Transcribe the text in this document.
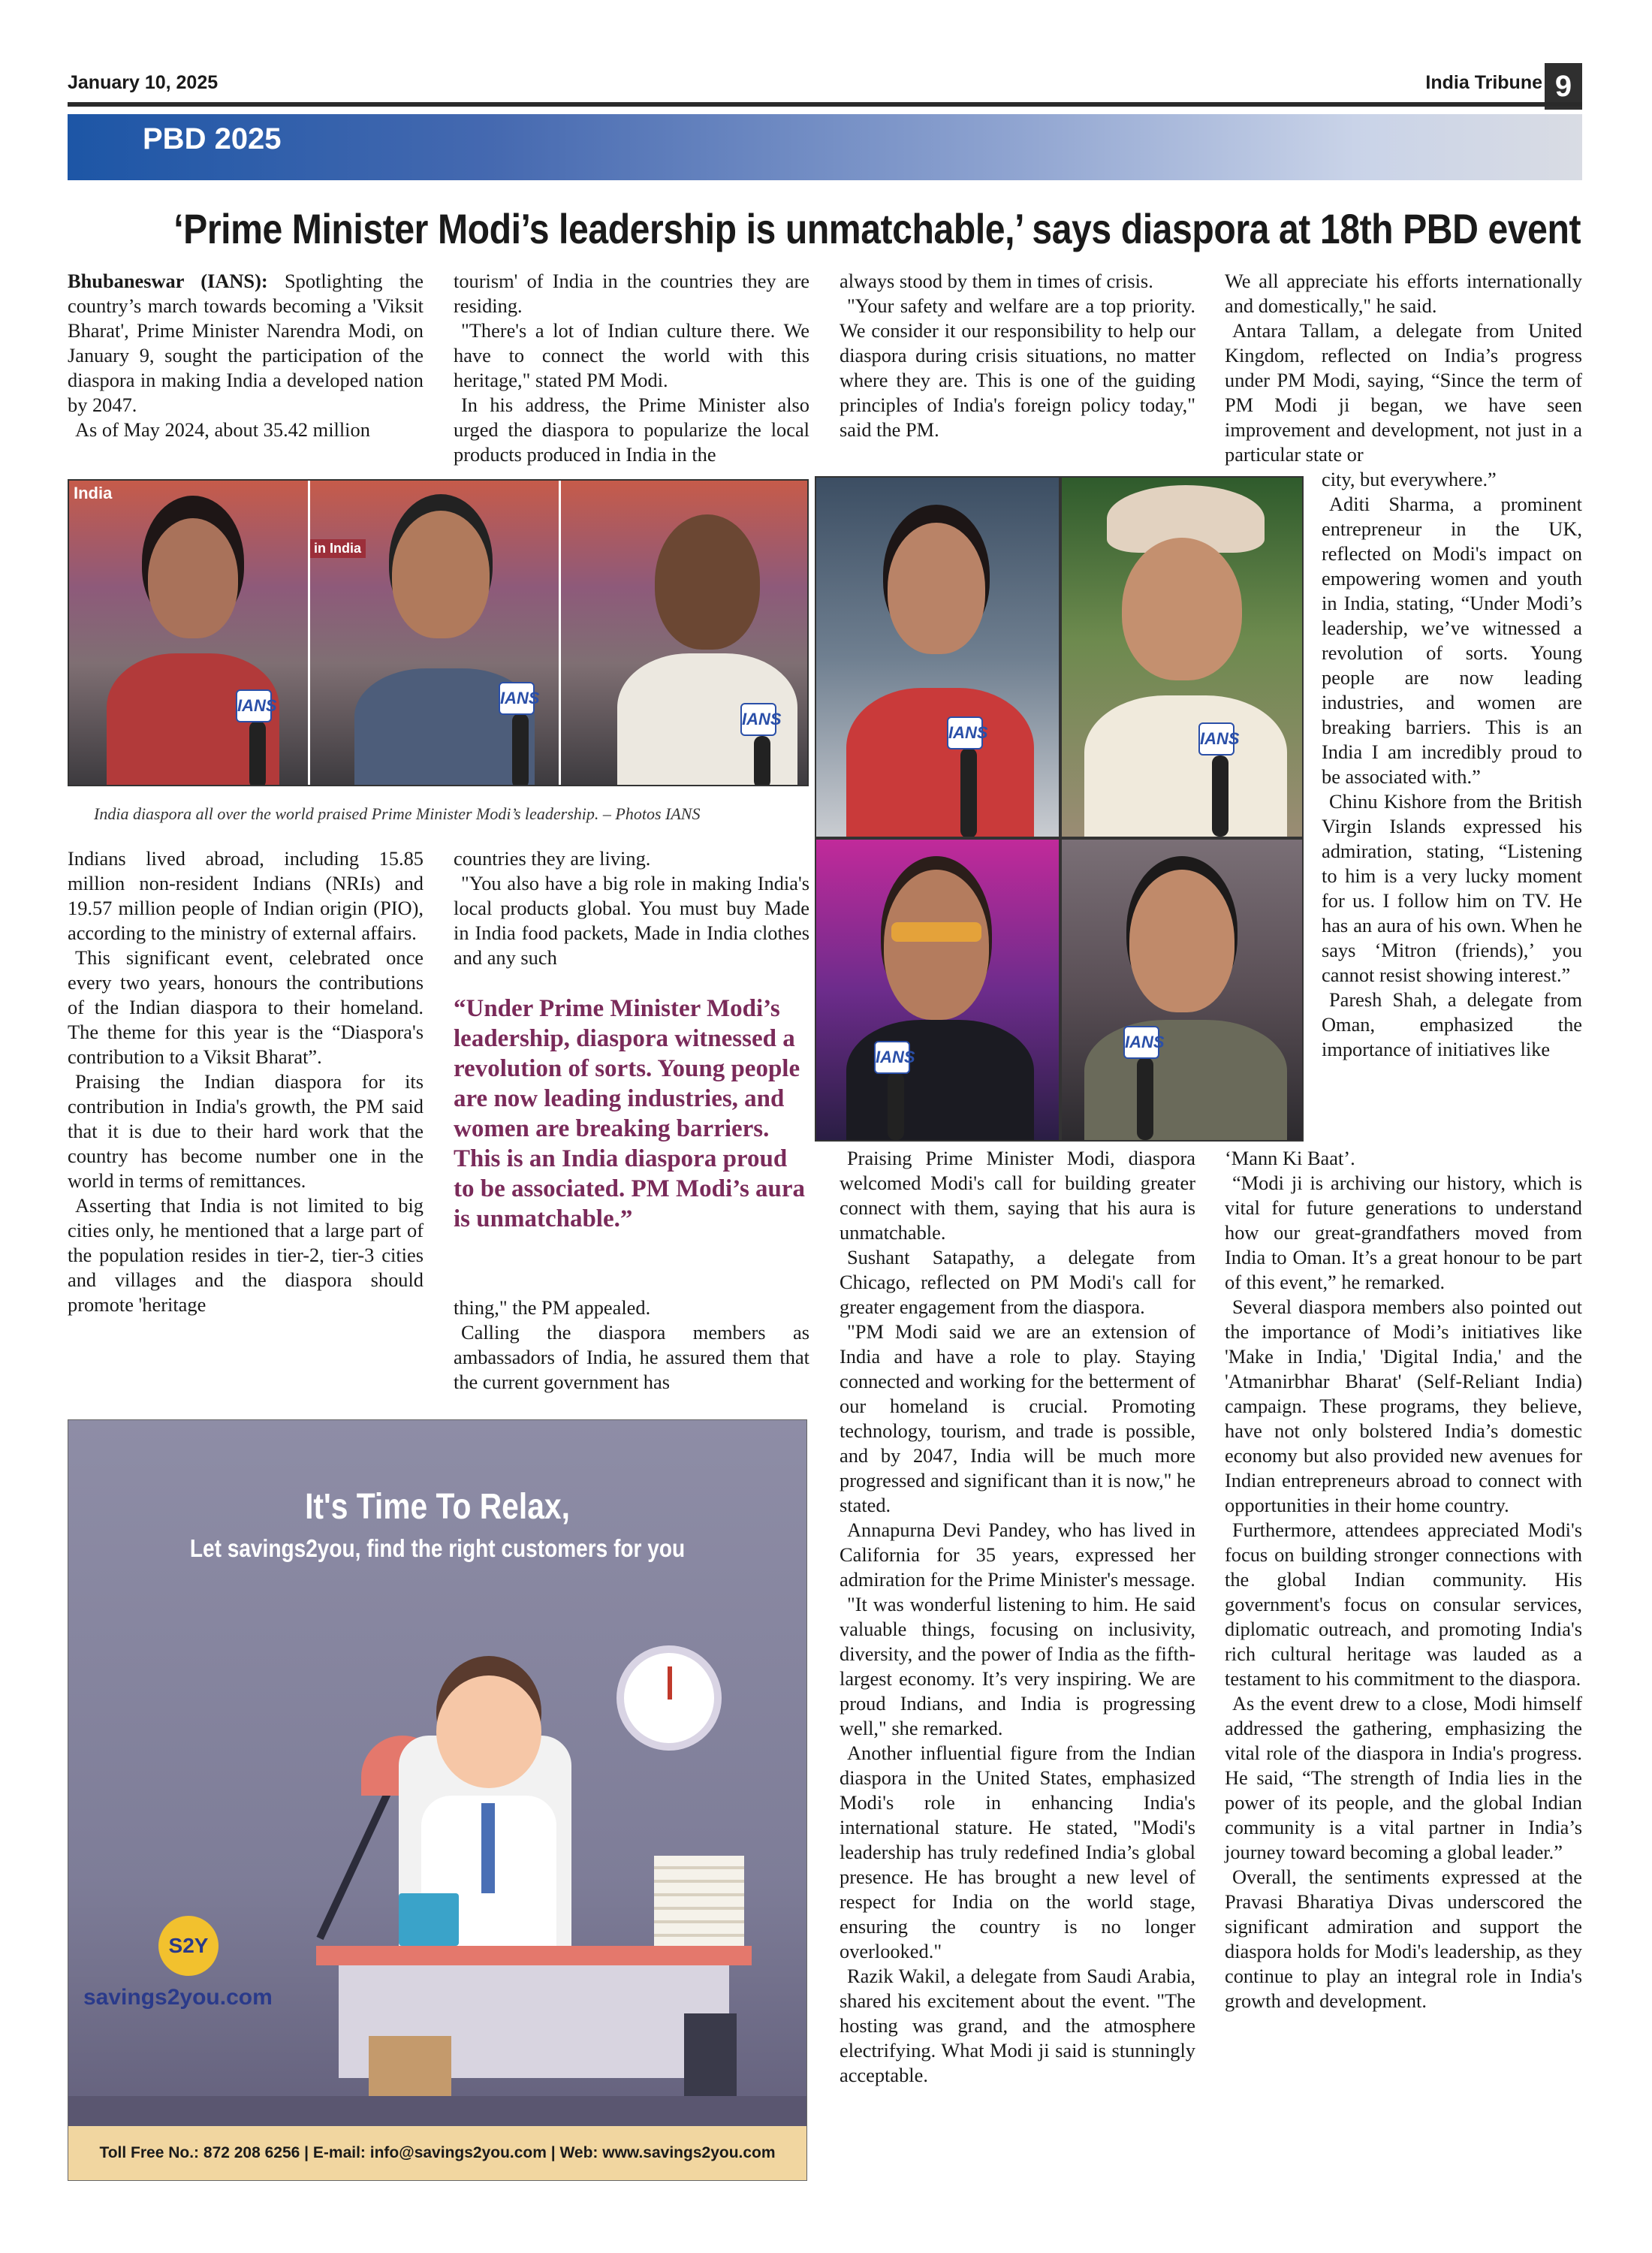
January 10, 2025	India Tribune 9
PBD 2025
‘Prime Minister Modi’s leadership is unmatchable,’ says diaspora at 18th PBD event

Bhubaneswar (IANS): Spotlighting the country’s march towards becoming a 'Viksit Bharat', Prime Minister Narendra Modi, on January 9, sought the participation of the diaspora in making India a developed nation by 2047.

As of May 2024, about 35.42 million

tourism' of India in the countries they are residing.

"There's a lot of Indian culture there. We have to connect the world with this heritage," stated PM Modi.

In his address, the Prime Minister also urged the diaspora to popularize the local products produced in India in the

always stood by them in times of crisis.

"Your safety and welfare are a top priority. We consider it our responsibility to help our diaspora during crisis situations, no matter where they are. This is one of the guiding principles of India's foreign policy today," said the PM.

We all appreciate his efforts internationally and domestically," he said.

Antara Tallam, a delegate from United Kingdom, reflected on India’s progress under PM Modi, saying, “Since the term of PM Modi ji began, we have seen improvement and development, not just in a particular state or

city, but everywhere.”

Aditi Sharma, a prominent entrepreneur in the UK, reflected on Modi's impact on empowering women and youth in India, stating, “Under Modi’s leadership, we’ve witnessed a revolution of sorts. Young people are now leading industries, and women are breaking barriers. This is an India I am incredibly proud to be associated with.”

Chinu Kishore from the British Virgin Islands expressed his admiration, stating, “Listening to him is a very lucky moment for us. I follow him on TV. He has an aura of his own. When he says ‘Mitron (friends),’ you cannot resist showing interest.”

Paresh Shah, a delegate from Oman, emphasized the importance of initiatives like

Indians lived abroad, including 15.85 million non-resident Indians (NRIs) and 19.57 million people of Indian origin (PIO), according to the ministry of external affairs.

This significant event, celebrated once every two years, honours the contributions of the Indian diaspora to their homeland. The theme for this year is the “Diaspora's contribution to a Viksit Bharat”.

Praising the Indian diaspora for its contribution in India's growth, the PM said that it is due to their hard work that the country has become number one in the world in terms of remittances.

Asserting that India is not limited to big cities only, he mentioned that a large part of the population resides in tier-2, tier-3 cities and villages and the diaspora should promote 'heritage

countries they are living.

"You also have a big role in making India's local products global. You must buy Made in India food packets, Made in India clothes and any such

thing," the PM appealed.

Calling the diaspora members as ambassadors of India, he assured them that the current government has

Praising Prime Minister Modi, diaspora welcomed Modi's call for building greater connect with them, saying that his aura is unmatchable.

Sushant Satapathy, a delegate from Chicago, reflected on PM Modi's call for greater engagement from the diaspora.

"PM Modi said we are an extension of India and have a role to play. Staying connected and working for the betterment of our homeland is crucial. Promoting technology, tourism, and trade is possible, and by 2047, India will be much more progressed and significant than it is now," he stated.

Annapurna Devi Pandey, who has lived in California for 35 years, expressed her admiration for the Prime Minister's message.

"It was wonderful listening to him. He said valuable things, focusing on inclusivity, diversity, and the power of India as the fifth-largest economy. It’s very inspiring. We are proud Indians, and India is progressing well," she remarked.

Another influential figure from the Indian diaspora in the United States, emphasized Modi's role in enhancing India's international stature. He stated, "Modi's leadership has truly redefined India’s global presence. He has brought a new level of respect for India on the world stage, ensuring the country is no longer overlooked."

Razik Wakil, a delegate from Saudi Arabia, shared his excitement about the event. "The hosting was grand, and the atmosphere electrifying. What Modi ji said is stunningly acceptable.

‘Mann Ki Baat’.

“Modi ji is archiving our history, which is vital for future generations to understand how our great-grandfathers moved from India to Oman. It’s a great honour to be part of this event,” he remarked.

Several diaspora members also pointed out the importance of Modi’s initiatives like 'Make in India,' 'Digital India,' and the 'Atmanirbhar Bharat' (Self-Reliant India) campaign. These programs, they believe, have not only bolstered India’s domestic economy but also provided new avenues for Indian entrepreneurs abroad to connect with opportunities in their home country.

Furthermore, attendees appreciated Modi's focus on building stronger connections with the global Indian community. His government's focus on consular services, diplomatic outreach, and promoting India's rich cultural heritage was lauded as a testament to his commitment to the diaspora.

As the event drew to a close, Modi himself addressed the gathering, emphasizing the vital role of the diaspora in India's progress. He said, “The strength of India lies in the power of its people, and the global Indian community is a vital partner in India’s journey toward becoming a global leader.”

Overall, the sentiments expressed at the Pravasi Bharatiya Divas underscored the significant admiration and support the diaspora holds for Modi's leadership, as they continue to play an integral role in India's growth and development.

“Under Prime Minister Modi’s leadership, diaspora witnessed a revolution of sorts. Young people are now leading industries, and women are breaking barriers. This is an India diaspora proud to be associated. PM Modi’s aura is unmatchable.”
India
in India
IANS	IANS
IANS
India diaspora all over the world praised Prime Minister Modi’s leadership. – Photos IANS
IANS	IANS
IANS
IANS
It's Time To Relax,
Let savings2you, find the right customers for you
S2Y
savings2you.com
Toll Free No.: 872 208 6256 | E-mail: info@savings2you.com | Web: www.savings2you.com
